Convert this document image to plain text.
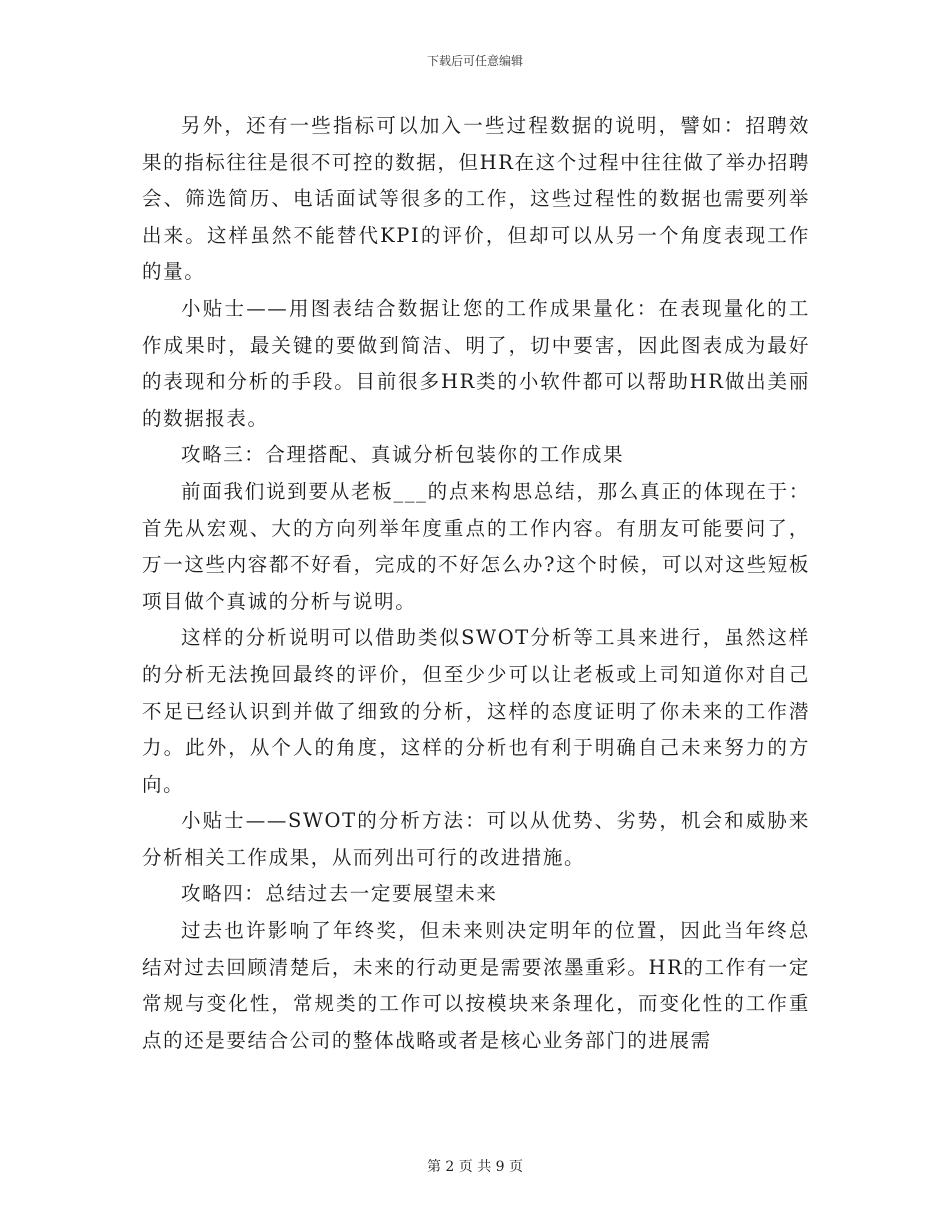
下载后可任意编辑

另外，还有一些指标可以加入一些过程数据的说明，譬如：招聘效果的指标往往是很不可控的数据，但HR在这个过程中往往做了举办招聘会、筛选简历、电话面试等很多的工作，这些过程性的数据也需要列举出来。这样虽然不能替代KPI的评价，但却可以从另一个角度表现工作的量。

小贴士——用图表结合数据让您的工作成果量化：在表现量化的工作成果时，最关键的要做到简洁、明了，切中要害，因此图表成为最好的表现和分析的手段。目前很多HR类的小软件都可以帮助HR做出美丽的数据报表。

攻略三：合理搭配、真诚分析包装你的工作成果

前面我们说到要从老板___的点来构思总结，那么真正的体现在于：首先从宏观、大的方向列举年度重点的工作内容。有朋友可能要问了，万一这些内容都不好看，完成的不好怎么办?这个时候，可以对这些短板项目做个真诚的分析与说明。

这样的分析说明可以借助类似SWOT分析等工具来进行，虽然这样的分析无法挽回最终的评价，但至少少可以让老板或上司知道你对自己不足已经认识到并做了细致的分析，这样的态度证明了你未来的工作潜力。此外，从个人的角度，这样的分析也有利于明确自己未来努力的方向。

小贴士——SWOT的分析方法：可以从优势、劣势，机会和威胁来分析相关工作成果，从而列出可行的改进措施。

攻略四：总结过去一定要展望未来

过去也许影响了年终奖，但未来则决定明年的位置，因此当年终总结对过去回顾清楚后，未来的行动更是需要浓墨重彩。HR的工作有一定常规与变化性，常规类的工作可以按模块来条理化，而变化性的工作重点的还是要结合公司的整体战略或者是核心业务部门的进展需

第 2 页 共 9 页
